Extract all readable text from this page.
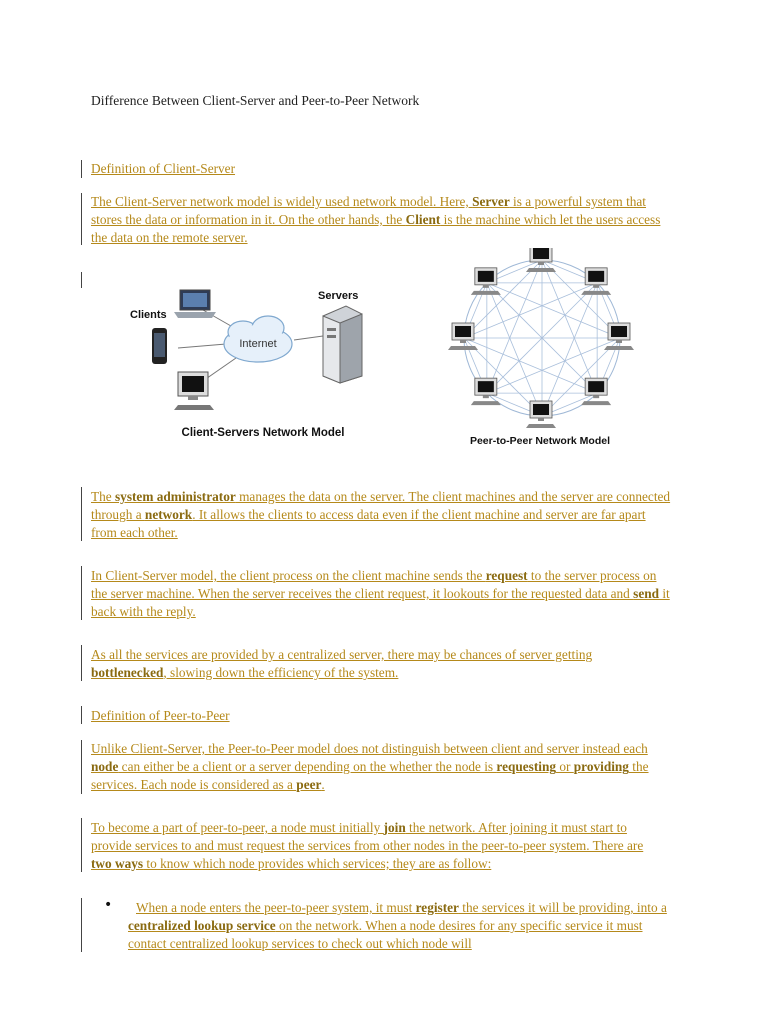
Difference Between Client-Server and Peer-to-Peer Network

Definition of Client-Server

The Client-Server network model is widely used network model. Here, Server is a powerful system that stores the data or information in it. On the other hands, the Client is the machine which let the users access the data on the remote server.

Internet
Clients
Servers
Client-Servers Network Model
Peer-to-Peer Network Model

The system administrator manages the data on the server. The client machines and the server are connected through a network. It allows the clients to access data even if the client machine and server are far apart from each other.

In Client-Server model, the client process on the client machine sends the request to the server process on the server machine. When the server receives the client request, it lookouts for the requested data and send it back with the reply.

As all the services are provided by a centralized server, there may be chances of server getting bottlenecked, slowing down the efficiency of the system.

Definition of Peer-to-Peer

Unlike Client-Server, the Peer-to-Peer model does not distinguish between client and server instead each node can either be a client or a server depending on the whether the node is requesting or providing the services. Each node is considered as a peer.

To become a part of peer-to-peer, a node must initially join the network. After joining it must start to provide services to and must request the services from other nodes in the peer-to-peer system. There are two ways to know which node provides which services; they are as follow:

•	When a node enters the peer-to-peer system, it must register the services it will be providing, into a centralized lookup service on the network. When a node desires for any specific service it must contact centralized lookup services to check out which node will
